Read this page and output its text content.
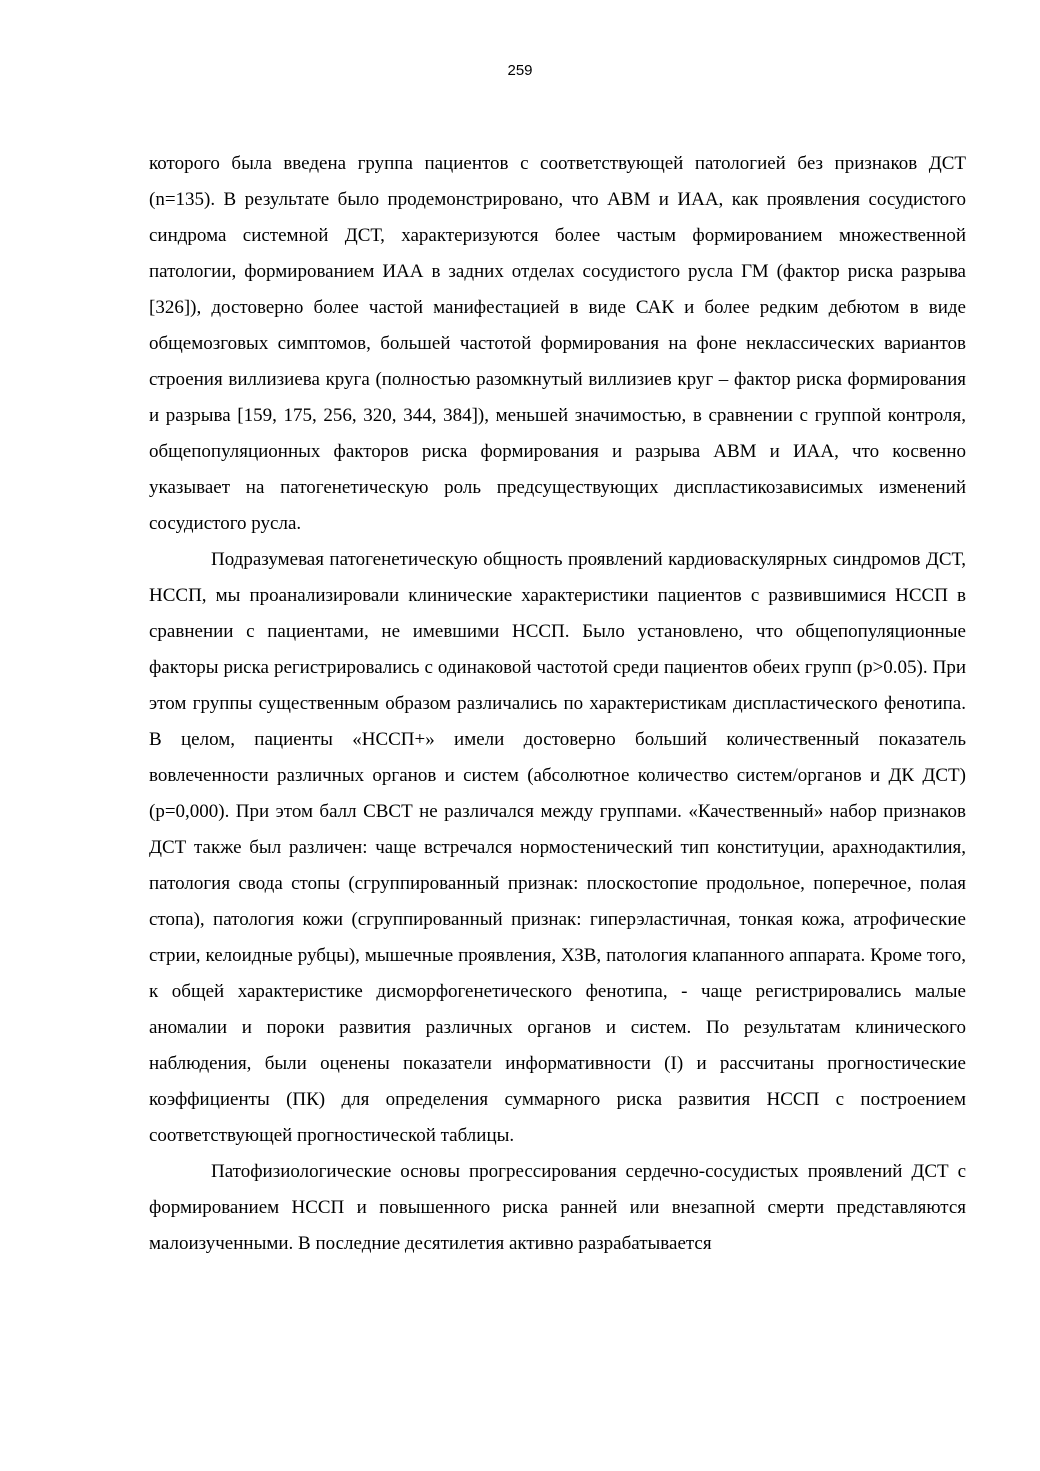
259

которого была введена группа пациентов с соответствующей патологией без признаков ДСТ (n=135). В результате было продемонстрировано, что АВМ и ИАА, как проявления сосудистого синдрома системной ДСТ, характеризуются более частым формированием множественной патологии, формированием ИАА в задних отделах сосудистого русла ГМ (фактор риска разрыва [326]), достоверно более частой манифестацией в виде САК и более редким дебютом в виде общемозговых симптомов, большей частотой формирования на фоне неклассических вариантов строения виллизиева круга (полностью разомкнутый виллизиев круг – фактор риска формирования и разрыва [159, 175, 256, 320, 344, 384]), меньшей значимостью, в сравнении с группой контроля, общепопуляционных факторов риска формирования и разрыва АВМ и ИАА, что косвенно указывает на патогенетическую роль предсуществующих диспластикозависимых изменений сосудистого русла.

Подразумевая патогенетическую общность проявлений кардиоваскулярных синдромов ДСТ, НССП, мы проанализировали клинические характеристики пациентов с развившимися НССП в сравнении с пациентами, не имевшими НССП. Было установлено, что общепопуляционные факторы риска регистрировались с одинаковой частотой среди пациентов обеих групп (p>0.05). При этом группы существенным образом различались по характеристикам диспластического фенотипа. В целом, пациенты «НССП+» имели достоверно больший количественный показатель вовлеченности различных органов и систем (абсолютное количество систем/органов и ДК ДСТ) (p=0,000). При этом балл СВСТ не различался между группами. «Качественный» набор признаков ДСТ также был различен: чаще встречался нормостенический тип конституции, арахнодактилия, патология свода стопы (сгруппированный признак: плоскостопие продольное, поперечное, полая стопа), патология кожи (сгруппированный признак: гиперэластичная, тонкая кожа, атрофические стрии, келоидные рубцы), мышечные проявления, ХЗВ, патология клапанного аппарата. Кроме того, к общей характеристике дисморфогенетического фенотипа, - чаще регистрировались малые аномалии и пороки развития различных органов и систем. По результатам клинического наблюдения, были оценены показатели информативности (I) и рассчитаны прогностические коэффициенты (ПК) для определения суммарного риска развития НССП с построением соответствующей прогностической таблицы.

Патофизиологические основы прогрессирования сердечно-сосудистых проявлений ДСТ с формированием НССП и повышенного риска ранней или внезапной смерти представляются малоизученными. В последние десятилетия активно разрабатывается
